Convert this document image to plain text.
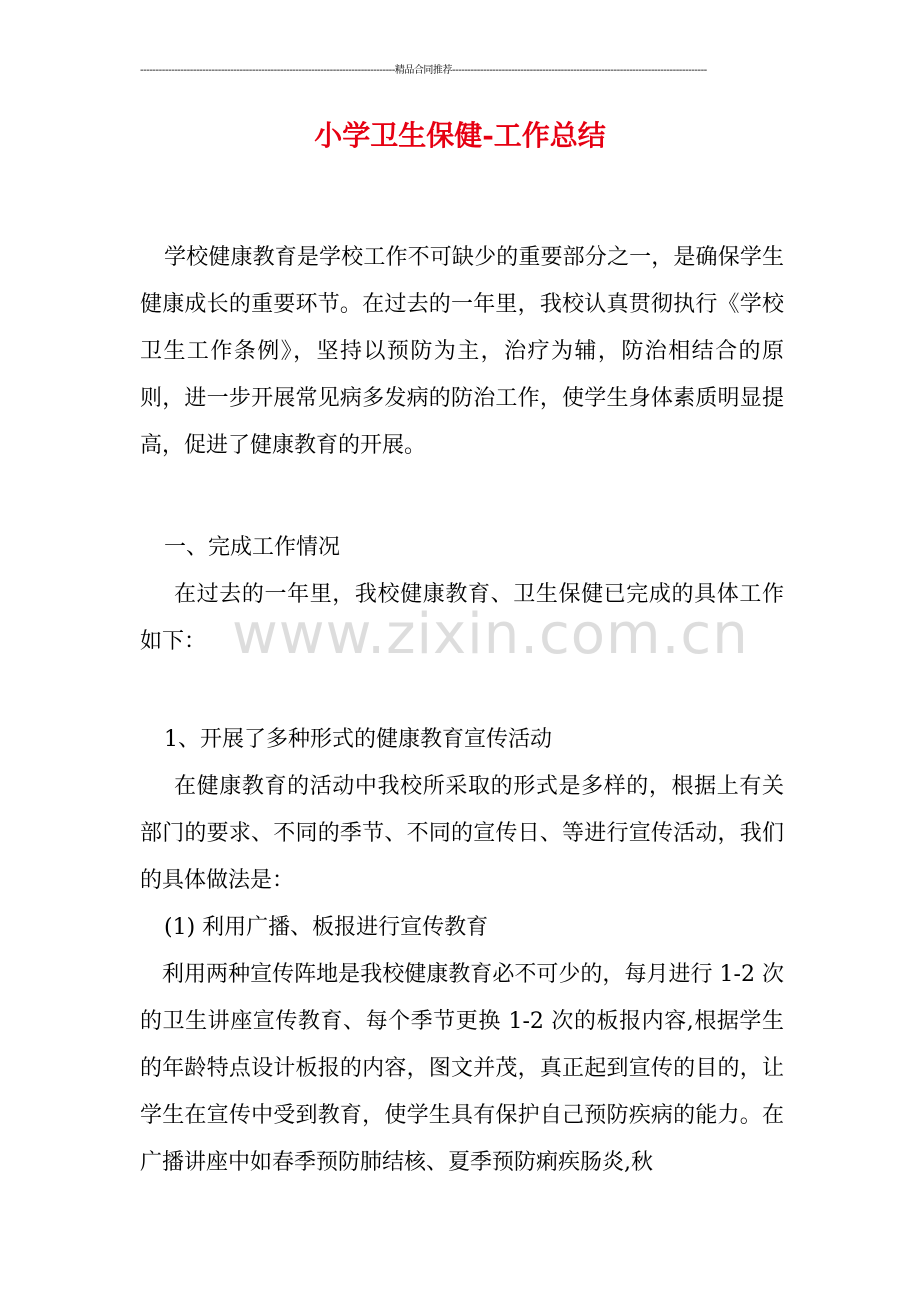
----------------------------------------------------------------------------------精品合同推荐----------------------------------------------------------------------------------
小学卫生保健-工作总结
www.zixin.com.cn

学校健康教育是学校工作不可缺少的重要部分之一，是确保学生健康成长的重要环节。在过去的一年里，我校认真贯彻执行《学校卫生工作条例》，坚持以预防为主，治疗为辅，防治相结合的原则，进一步开展常见病多发病的防治工作，使学生身体素质明显提高，促进了健康教育的开展。

一、完成工作情况

在过去的一年里，我校健康教育、卫生保健已完成的具体工作如下：

1、开展了多种形式的健康教育宣传活动

在健康教育的活动中我校所采取的形式是多样的，根据上有关部门的要求、不同的季节、不同的宣传日、等进行宣传活动，我们的具体做法是：

(1) 利用广播、板报进行宣传教育

利用两种宣传阵地是我校健康教育必不可少的，每月进行 1-2 次的卫生讲座宣传教育、每个季节更换 1-2 次的板报内容,根据学生的年龄特点设计板报的内容，图文并茂，真正起到宣传的目的，让学生在宣传中受到教育，使学生具有保护自己预防疾病的能力。在广播讲座中如春季预防肺结核、夏季预防痢疾肠炎,秋
